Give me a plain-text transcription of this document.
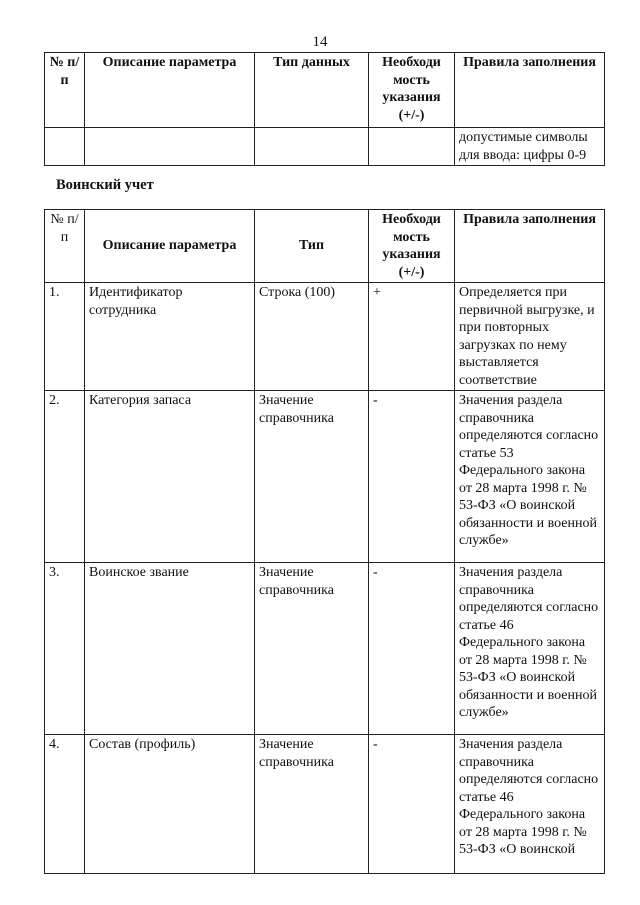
14
№ п/п	Описание параметра	Тип данных	Необходи мость указания (+/-)	Правила заполнения
				допустимые символы для ввода: цифры 0-9
Воинский учет
№ п/п	Описание параметра	Тип	Необходи мость указания (+/-)	Правила заполнения
1.	Идентификатор сотрудника	Строка (100)	+	Определяется при первичной выгрузке, и при повторных загрузках по нему выставляется соответствие
2.	Категория запаса	Значение справочника	-	Значения раздела справочника определяются согласно статье 53 Федерального закона от 28 марта 1998 г. № 53-ФЗ «О воинской обязанности и военной службе»
3.	Воинское звание	Значение справочника	-	Значения раздела справочника определяются согласно статье 46 Федерального закона от 28 марта 1998 г. № 53-ФЗ «О воинской обязанности и военной службе»
4.	Состав (профиль)	Значение справочника	-	Значения раздела справочника определяются согласно статье 46 Федерального закона от 28 марта 1998 г. № 53-ФЗ «О воинской
